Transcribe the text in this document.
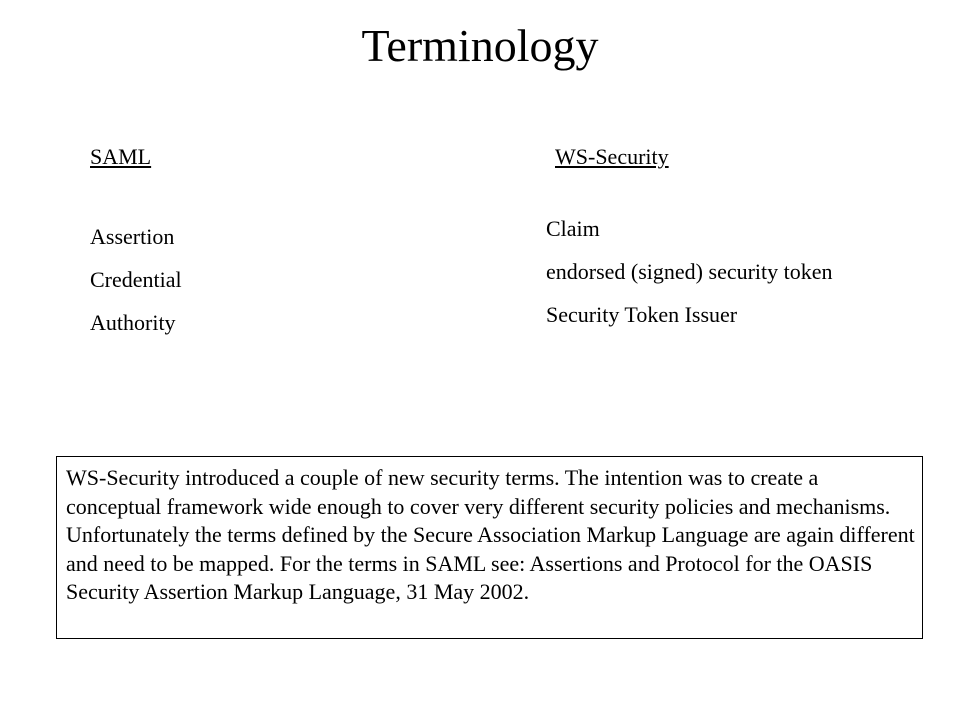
Terminology
SAML	WS-Security
Assertion
Credential
Authority
Claim
endorsed (signed) security token
Security Token Issuer
WS-Security introduced a couple of new security terms. The intention was to create a conceptual framework wide enough to cover very different security policies and mechanisms. Unfortunately the terms defined by the Secure Association Markup Language are again different and need to be mapped. For the terms in SAML see: Assertions and Protocol for the OASIS Security Assertion Markup Language, 31 May 2002.
